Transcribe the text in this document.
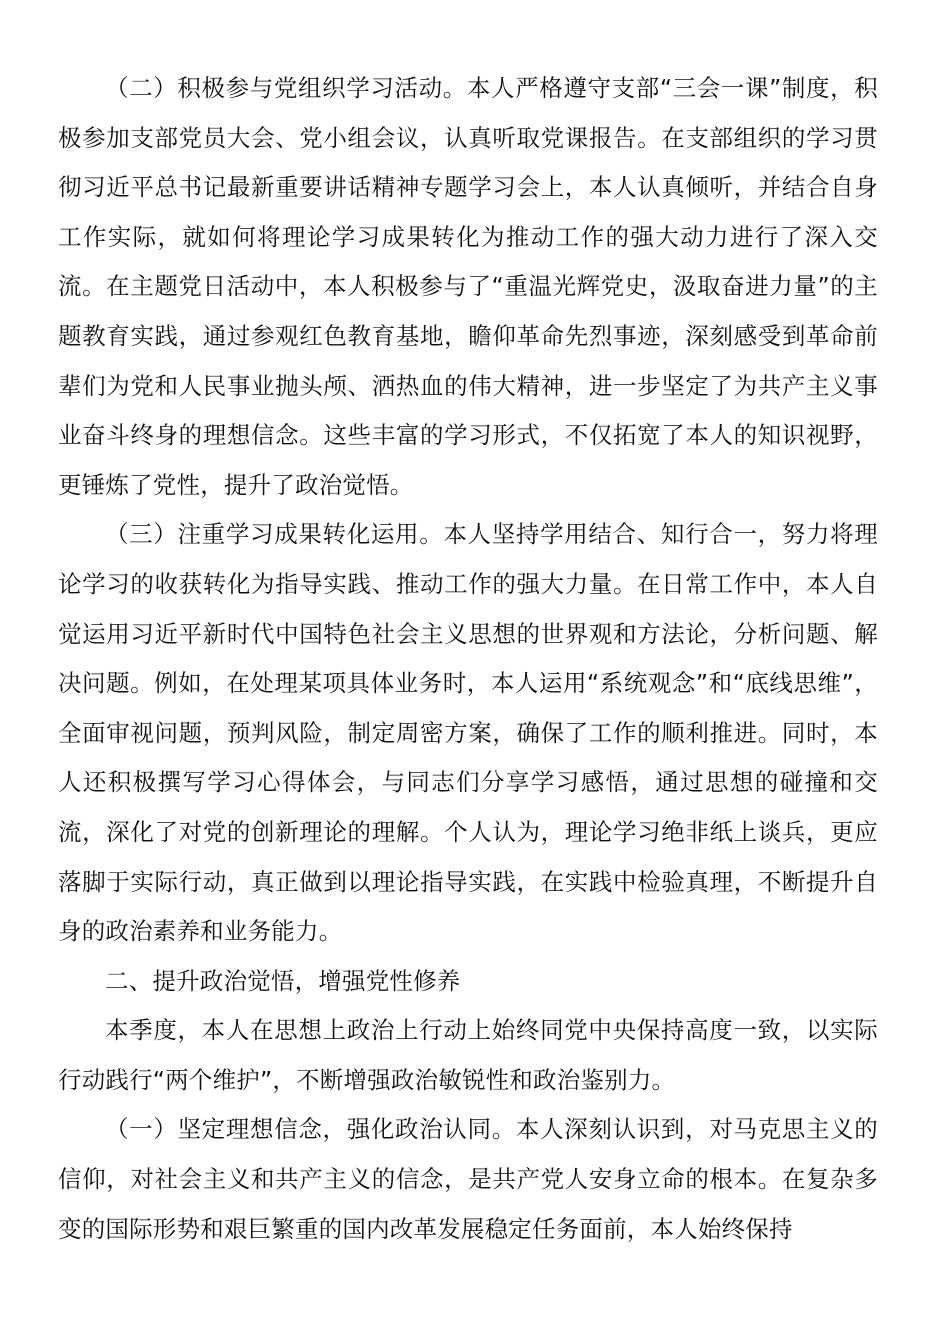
（二）积极参与党组织学习活动。本人严格遵守支部“三会一课”制度，积极参加支部党员大会、党小组会议，认真听取党课报告。在支部组织的学习贯彻习近平总书记最新重要讲话精神专题学习会上，本人认真倾听，并结合自身工作实际，就如何将理论学习成果转化为推动工作的强大动力进行了深入交流。在主题党日活动中，本人积极参与了“重温光辉党史，汲取奋进力量”的主题教育实践，通过参观红色教育基地，瞻仰革命先烈事迹，深刻感受到革命前辈们为党和人民事业抛头颅、洒热血的伟大精神，进一步坚定了为共产主义事业奋斗终身的理想信念。这些丰富的学习形式，不仅拓宽了本人的知识视野，更锤炼了党性，提升了政治觉悟。

（三）注重学习成果转化运用。本人坚持学用结合、知行合一，努力将理论学习的收获转化为指导实践、推动工作的强大力量。在日常工作中，本人自觉运用习近平新时代中国特色社会主义思想的世界观和方法论，分析问题、解决问题。例如，在处理某项具体业务时，本人运用“系统观念”和“底线思维”，全面审视问题，预判风险，制定周密方案，确保了工作的顺利推进。同时，本人还积极撰写学习心得体会，与同志们分享学习感悟，通过思想的碰撞和交流，深化了对党的创新理论的理解。个人认为，理论学习绝非纸上谈兵，更应落脚于实际行动，真正做到以理论指导实践，在实践中检验真理，不断提升自身的政治素养和业务能力。

二、提升政治觉悟，增强党性修养

本季度，本人在思想上政治上行动上始终同党中央保持高度一致，以实际行动践行“两个维护”，不断增强政治敏锐性和政治鉴别力。

（一）坚定理想信念，强化政治认同。本人深刻认识到，对马克思主义的信仰，对社会主义和共产主义的信念，是共产党人安身立命的根本。在复杂多变的国际形势和艰巨繁重的国内改革发展稳定任务面前，本人始终保持
